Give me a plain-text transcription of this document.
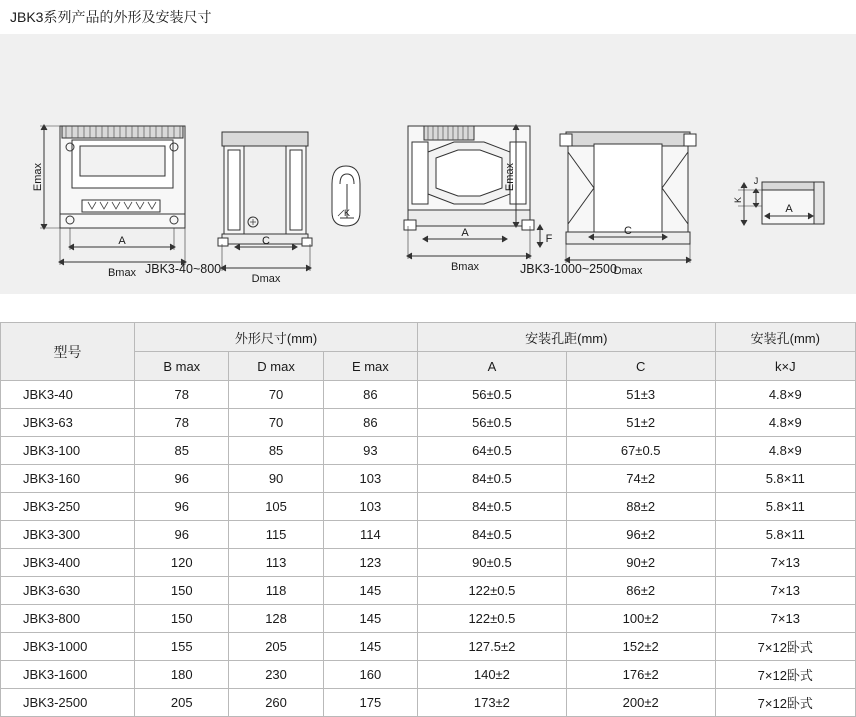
JBK3系列产品的外形及安装尺寸
Emax
A
Bmax
C
Dmax
K
Emax
A
Bmax
F
C
Dmax
K
J
A
JBK3-40~800	JBK3-1000~2500
型号	外形尺寸(mm)			安装孔距(mm)		安装孔(mm)
	B max	D max	E max	A	C	k×J
JBK3-40	78	70	86	56±0.5	51±3	4.8×9
JBK3-63	78	70	86	56±0.5	51±2	4.8×9
JBK3-100	85	85	93	64±0.5	67±0.5	4.8×9
JBK3-160	96	90	103	84±0.5	74±2	5.8×11
JBK3-250	96	105	103	84±0.5	88±2	5.8×11
JBK3-300	96	115	114	84±0.5	96±2	5.8×11
JBK3-400	120	113	123	90±0.5	90±2	7×13
JBK3-630	150	118	145	122±0.5	86±2	7×13
JBK3-800	150	128	145	122±0.5	100±2	7×13
JBK3-1000	155	205	145	127.5±2	152±2	7×12卧式
JBK3-1600	180	230	160	140±2	176±2	7×12卧式
JBK3-2500	205	260	175	173±2	200±2	7×12卧式
